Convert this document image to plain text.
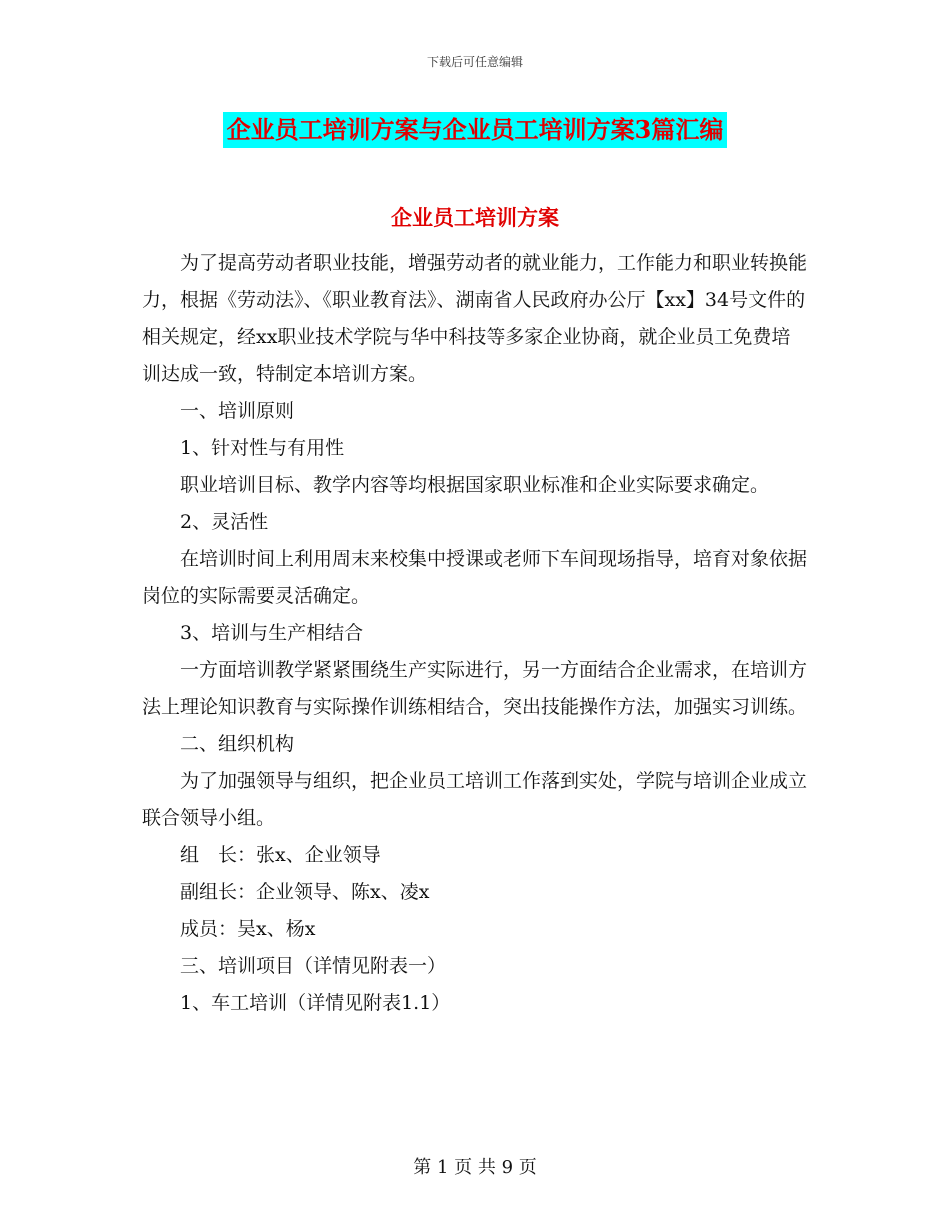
下载后可任意编辑
企业员工培训方案与企业员工培训方案3篇汇编
企业员工培训方案

为了提高劳动者职业技能，增强劳动者的就业能力，工作能力和职业转换能力，根据《劳动法》、《职业教育法》、湖南省人民政府办公厅【xx】34号文件的相关规定，经xx职业技术学院与华中科技等多家企业协商，就企业员工免费培训达成一致，特制定本培训方案。

一、培训原则

1、针对性与有用性

职业培训目标、教学内容等均根据国家职业标准和企业实际要求确定。

2、灵活性

在培训时间上利用周末来校集中授课或老师下车间现场指导，培育对象依据岗位的实际需要灵活确定。

3、培训与生产相结合

一方面培训教学紧紧围绕生产实际进行，另一方面结合企业需求，在培训方法上理论知识教育与实际操作训练相结合，突出技能操作方法，加强实习训练。

二、组织机构

为了加强领导与组织，把企业员工培训工作落到实处，学院与培训企业成立联合领导小组。

组　长：张x、企业领导

副组长：企业领导、陈x、凌x

成员：吴x、杨x

三、培训项目（详情见附表一）

1、车工培训（详情见附表1.1）

第 1 页 共 9 页
